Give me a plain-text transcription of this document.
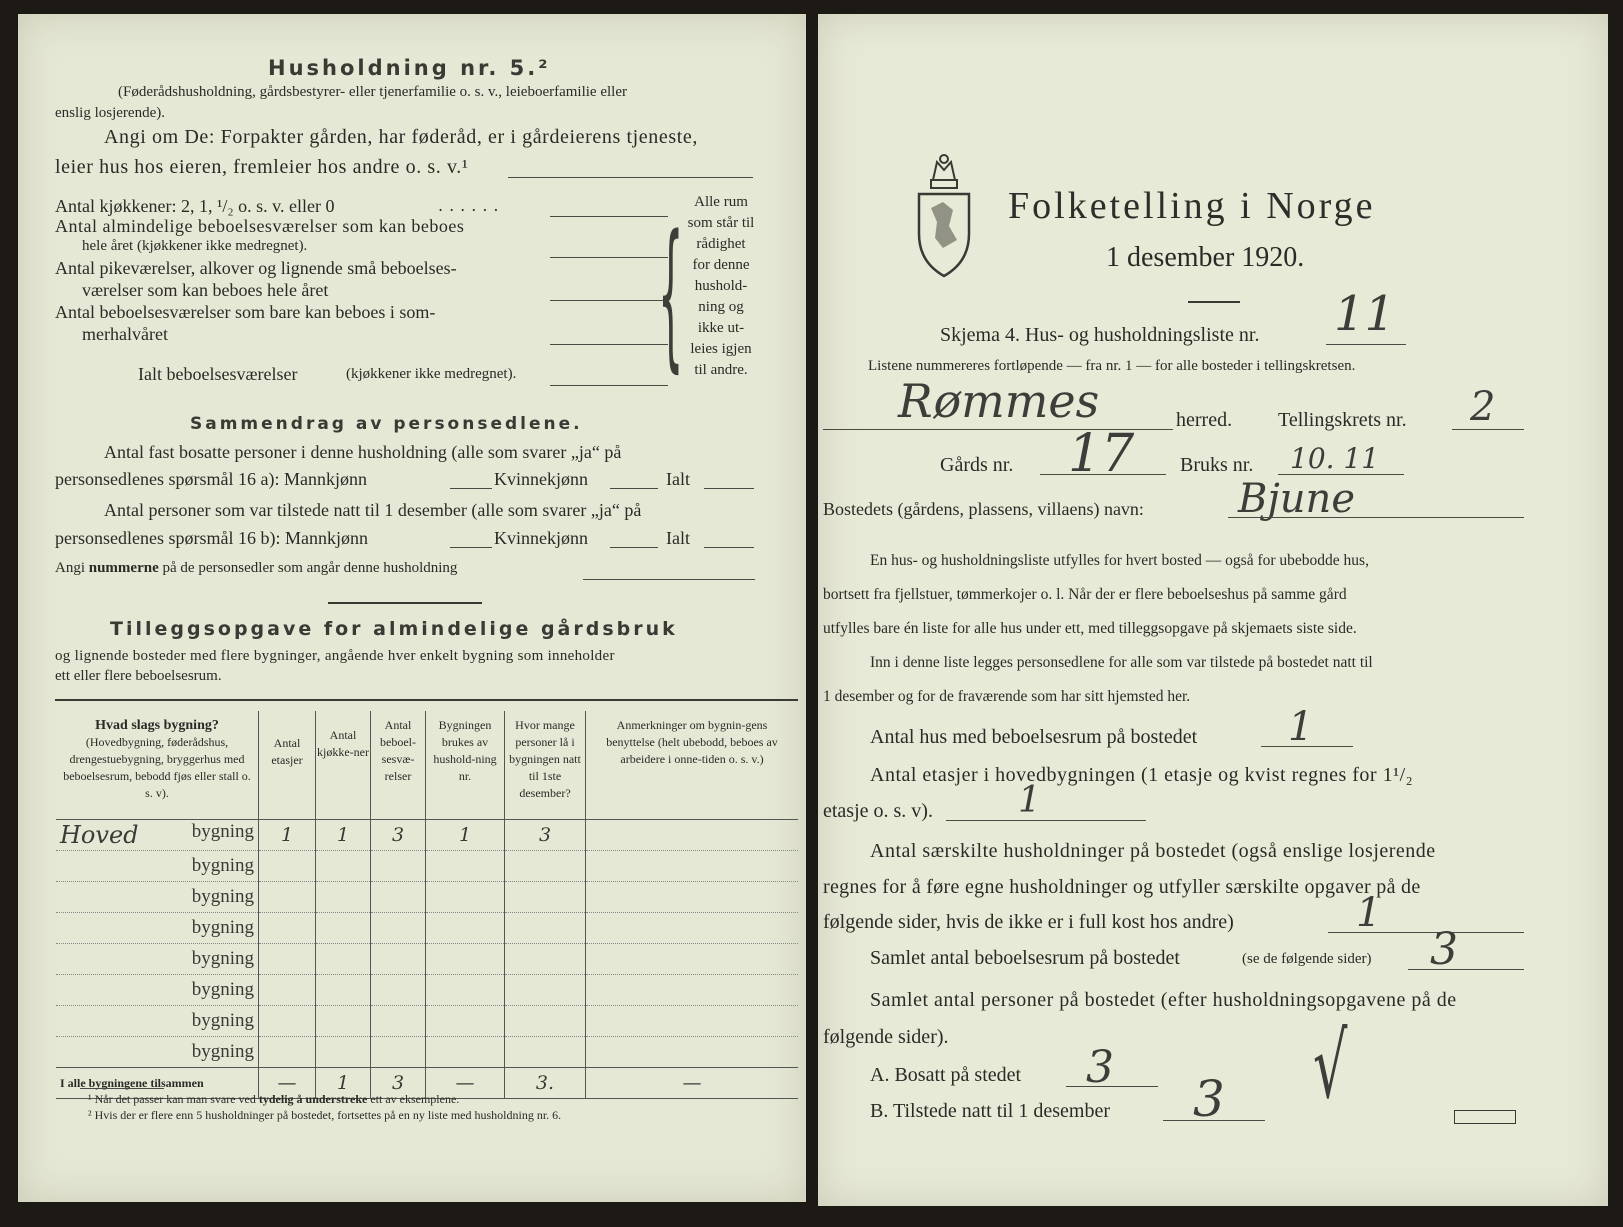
Husholdning nr. 5.²
(Føderådshusholdning, gårdsbestyrer- eller tjenerfamilie o. s. v., leieboerfamilie eller
enslig losjerende).
Angi om De: Forpakter gården, har føderåd, er i gårdeierens tjeneste,
leier hus hos eieren, fremleier hos andre o. s. v.¹
Antal kjøkkener: 2, 1, ¹/₂ o. s. v. eller 0	......
Antal almindelige beboelsesværelser som kan beboes
hele året (kjøkkener ikke medregnet).
Antal pikeværelser, alkover og lignende små beboelses-
værelser som kan beboes hele året
Antal beboelsesværelser som bare kan beboes i som-
merhalvåret
Ialt beboelsesværelser	(kjøkkener ikke medregnet). { Alle rum
som står til
rådighet
for denne
hushold-
ning og
ikke ut-
leies igjen
til andre.
Sammendrag av personsedlene.
Antal fast bosatte personer i denne husholdning (alle som svarer „ja“ på
personsedlenes spørsmål 16 a): Mannkjønn	Kvinnekjønn	Ialt
Antal personer som var tilstede natt til 1 desember (alle som svarer „ja“ på
personsedlenes spørsmål 16 b): Mannkjønn	Kvinnekjønn	Ialt
Angi nummerne på de personsedler som angår denne husholdning
Tilleggsopgave for almindelige gårdsbruk
og lignende bosteder med flere bygninger, angående hver enkelt bygning som inneholder
ett eller flere beboelsesrum.
Hvad slags bygning?
(Hovedbygning, føderådshus, drengestuebygning, bryggerhus med beboelsesrum, bebodd fjøs eller stall o. s. v).	Antal etasjer	Antal kjøkke-ner	Antal beboel-sesvæ-relser	Bygningen brukes av hushold-ning nr.	Hvor mange personer lå i bygningen natt til 1ste desember?	Anmerkninger om bygnin-gens benyttelse (helt ubebodd, beboes av arbeidere i onne-tiden o. s. v.)

Hoved bygning	1	1	3	1	3	

bygning						

bygning						

bygning						

bygning						

bygning						

bygning						

bygning						
I alle bygningene tilsammen	—	1	3	—	3.	—
¹ Når det passer kan man svare ved tydelig å understreke ett av eksemplene.
² Hvis der er flere enn 5 husholdninger på bostedet, fortsettes på en ny liste med husholdning nr. 6.
Folketelling i Norge
1 desember 1920.
Skjema 4. Hus- og husholdningsliste nr. 11
Listene nummereres fortløpende — fra nr. 1 — for alle bosteder i tellingskretsen.
Rømmes	herred. Tellingskrets nr. 2
Gårds nr. 17 Bruks nr. 10. 11
Bostedets (gårdens, plassens, villaens) navn: Bjune
En hus- og husholdningsliste utfylles for hvert bosted — også for ubebodde hus,
bortsett fra fjellstuer, tømmerkojer o. l. Når der er flere beboelseshus på samme gård
utfylles bare én liste for alle hus under ett, med tilleggsopgave på skjemaets siste side.
Inn i denne liste legges personsedlene for alle som var tilstede på bostedet natt til
1 desember og for de fraværende som har sitt hjemsted her.
Antal hus med beboelsesrum på bostedet 1
Antal etasjer i hovedbygningen (1 etasje og kvist regnes for 1¹/₂
etasje o. s. v). 1
Antal særskilte husholdninger på bostedet (også enslige losjerende
regnes for å føre egne husholdninger og utfyller særskilte opgaver på de
følgende sider, hvis de ikke er i full kost hos andre)	1
Samlet antal beboelsesrum på bostedet	(se de følgende sider) 3
Samlet antal personer på bostedet (efter husholdningsopgavene på de
følgende sider).
A. Bosatt på stedet 3
B. Tilstede natt til 1 desember 3 √
